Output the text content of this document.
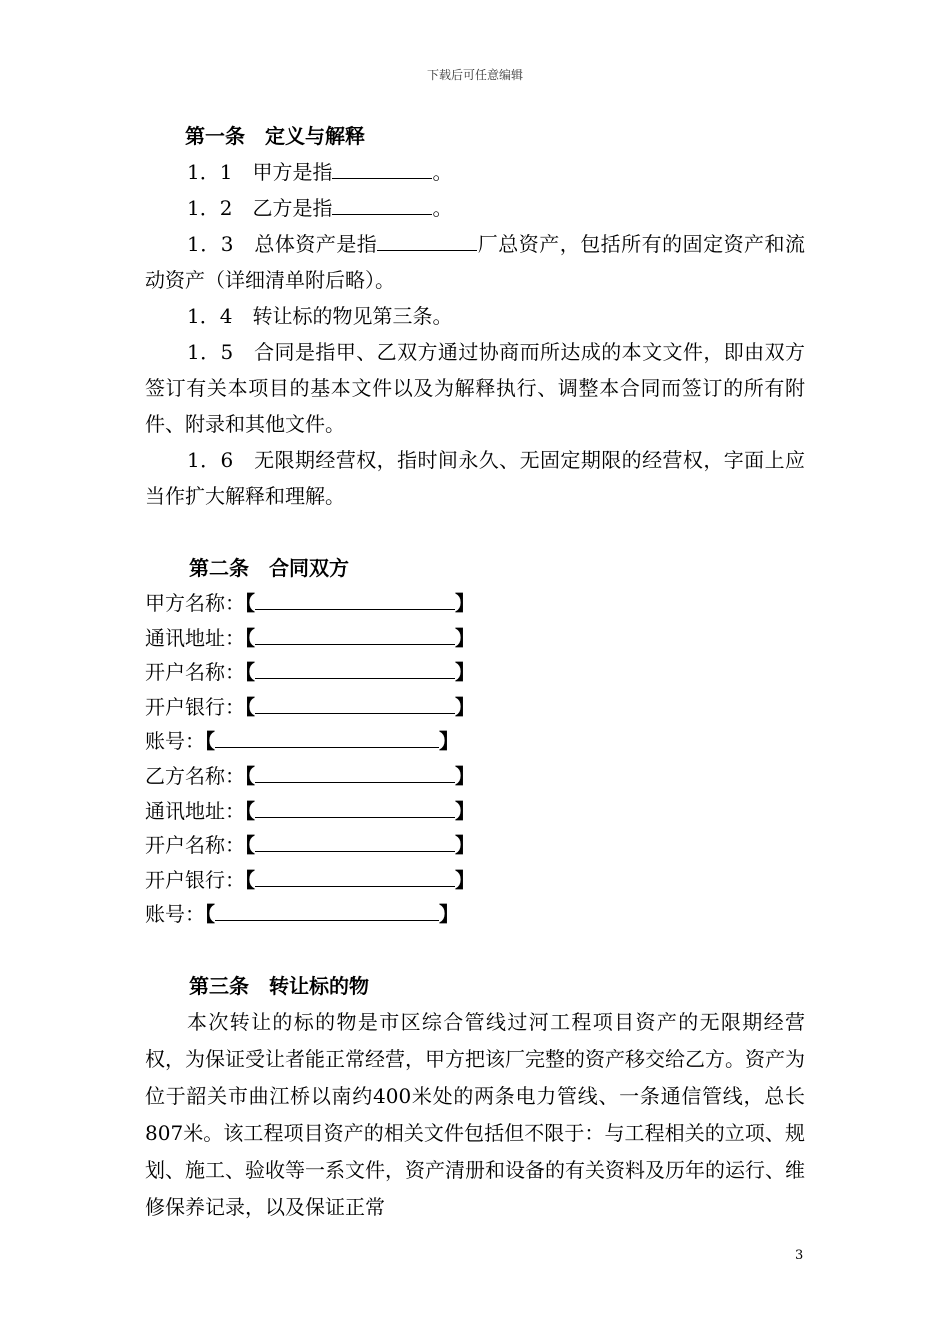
下载后可任意编辑
第一条　定义与解释
1．1　 甲方是指	。
1．2　 乙方是指	。
1．3　 总体资产是指	厂总资产，包括所有的固定资产和流动资产（详细清单附后略）。
1．4　 转让标的物见第三条。
1．5　 合同是指甲、乙双方通过协商而所达成的本文文件，即由双方签订有关本项目的基本文件以及为解释执行、调整本合同而签订的所有附件、附录和其他文件。
1．6　 无限期经营权，指时间永久、无固定期限的经营权，字面上应当作扩大解释和理解。
第二条　合同双方
甲方名称：【	】
通讯地址：【	】
开户名称：【	】
开户银行：【	】
账号：【	】
乙方名称：【	】
通讯地址：【	】
开户名称：【	】
开户银行：【	】
账号：【	】
第三条　转让标的物
本次转让的标的物是市区综合管线过河工程项目资产的无限期经营权，为保证受让者能正常经营，甲方把该厂完整的资产移交给乙方。资产为位于韶关市曲江桥以南约400米处的两条电力管线、一条通信管线，总长807米。该工程项目资产的相关文件包括但不限于：与工程相关的立项、规划、施工、验收等一系文件，资产清册和设备的有关资料及历年的运行、维修保养记录，以及保证正常
3
